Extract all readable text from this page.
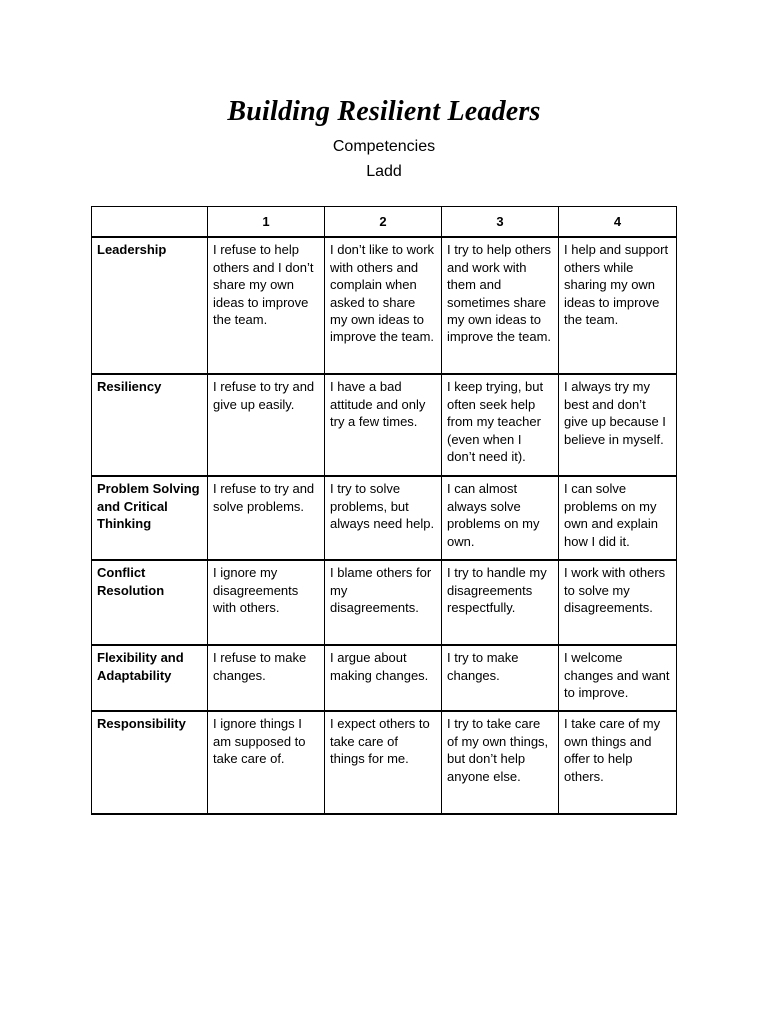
Building Resilient Leaders
Competencies
Ladd
	1	2	3	4
Leadership	I refuse to help others and I don’t share my own ideas to improve the team.	I don’t like to work with others and complain when asked to share my own ideas to improve the team.	I try to help others and work with them and sometimes share my own ideas to improve the team.	I help and support others while sharing my own ideas to improve the team.
Resiliency	I refuse to try and give up easily.	I have a bad attitude and only try a few times.	I keep trying, but often seek help from my teacher (even when I don’t need it).	I always try my best and don’t give up because I believe in myself.
Problem Solving and Critical Thinking	I refuse to try and solve problems.	I try to solve problems, but always need help.	I can almost always solve problems on my own.	I can solve problems on my own and explain how I did it.
Conflict Resolution	I ignore my disagreements with others.	I blame others for my disagreements.	I try to handle my disagreements respectfully.	I work with others to solve my disagreements.
Flexibility and Adaptability	I refuse to make changes.	I argue about making changes.	I try to make changes.	I welcome changes and want to improve.
Responsibility	I ignore things I am supposed to take care of.	I expect others to take care of things for me.	I try to take care of my own things, but don’t help anyone else.	I take care of my own things and offer to help others.
